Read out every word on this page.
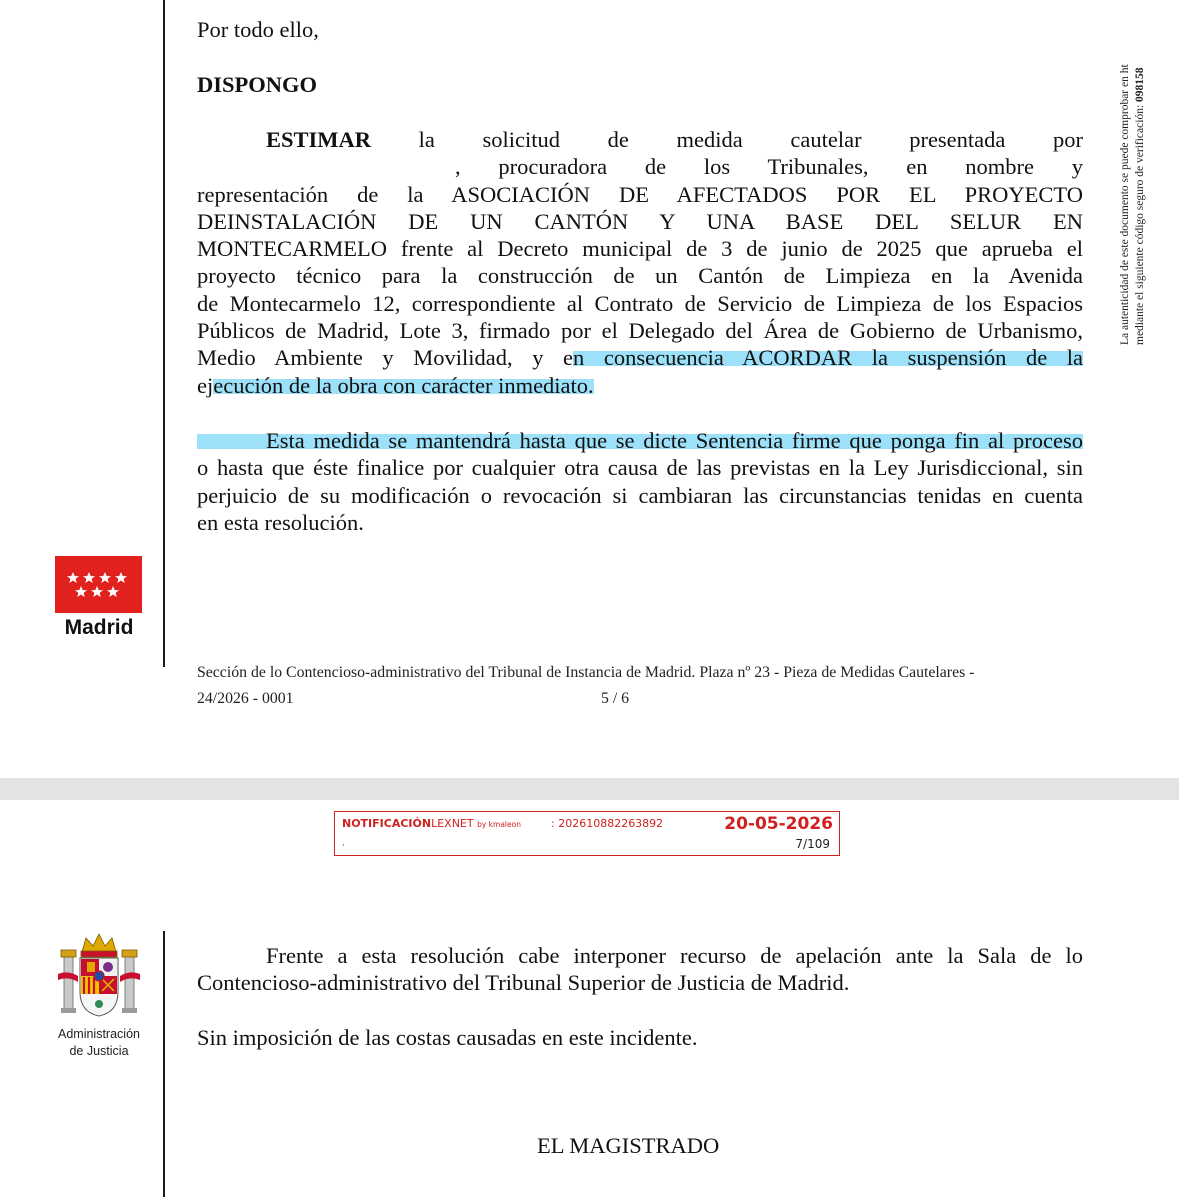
Por todo ello,

DISPONGO

ESTIMAR la solicitud de medida cautelar presentada por
, procuradora de los Tribunales, en nombre y
representación de la ASOCIACIÓN DE AFECTADOS POR EL PROYECTO
DEINSTALACIÓN DE UN CANTÓN Y UNA BASE DEL SELUR EN
MONTECARMELO frente al Decreto municipal de 3 de junio de 2025 que aprueba el
proyecto técnico para la construcción de un Cantón de Limpieza en la Avenida
de Montecarmelo 12, correspondiente al Contrato de Servicio de Limpieza de los Espacios
Públicos de Madrid, Lote 3, firmado por el Delegado del Área de Gobierno de Urbanismo,
Medio Ambiente y Movilidad, y en consecuencia ACORDAR la suspensión de la
ejecución de la obra con carácter inmediato.
Esta medida se mantendrá hasta que se dicte Sentencia firme que ponga fin al proceso
o hasta que éste finalice por cualquier otra causa de las previstas en la Ley Jurisdiccional, sin
perjuicio de su modificación o revocación si cambiaran las circunstancias tenidas en cuenta
en esta resolución.
La autenticidad de este documento se puede comprobar en ht mediante el siguiente código seguro de verificación: 098158
Madrid
Sección de lo Contencioso-administrativo del Tribunal de Instancia de Madrid. Plaza nº 23 - Pieza de Medidas Cautelares -
24/2026 - 0001	5 / 6
Frente a esta resolución cabe interponer recurso de apelación ante la Sala de lo
Contencioso-administrativo del Tribunal Superior de Justicia de Madrid.

Sin imposición de las costas causadas en este incidente.

EL MAGISTRADO

NOTIFICACIÓNLEXNET by kmaleon	: 202610882263892	20-05-2026
,	7/109
Administración
de Justicia
